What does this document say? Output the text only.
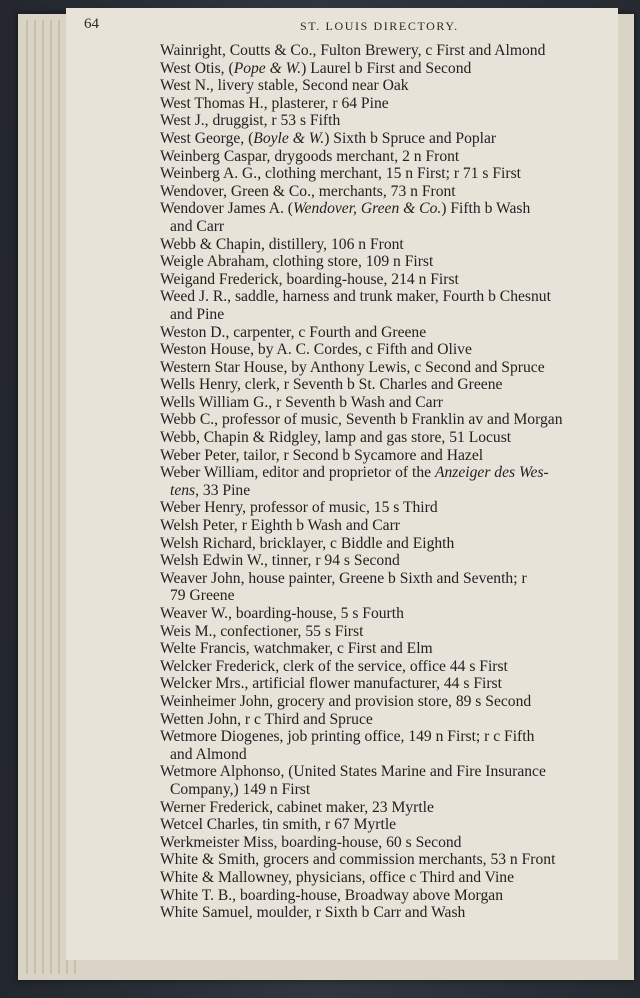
64	ST. LOUIS DIRECTORY.
Wainright, Coutts & Co., Fulton Brewery, c First and Almond
West Otis, (Pope & W.) Laurel b First and Second
West N., livery stable, Second near Oak
West Thomas H., plasterer, r 64 Pine
West J., druggist, r 53 s Fifth
West George, (Boyle & W.) Sixth b Spruce and Poplar
Weinberg Caspar, drygoods merchant, 2 n Front
Weinberg A. G., clothing merchant, 15 n First; r 71 s First
Wendover, Green & Co., merchants, 73 n Front
Wendover James A. (Wendover, Green & Co.) Fifth b Wash
and Carr
Webb & Chapin, distillery, 106 n Front
Weigle Abraham, clothing store, 109 n First
Weigand Frederick, boarding-house, 214 n First
Weed J. R., saddle, harness and trunk maker, Fourth b Chesnut
and Pine
Weston D., carpenter, c Fourth and Greene
Weston House, by A. C. Cordes, c Fifth and Olive
Western Star House, by Anthony Lewis, c Second and Spruce
Wells Henry, clerk, r Seventh b St. Charles and Greene
Wells William G., r Seventh b Wash and Carr
Webb C., professor of music, Seventh b Franklin av and Morgan
Webb, Chapin & Ridgley, lamp and gas store, 51 Locust
Weber Peter, tailor, r Second b Sycamore and Hazel
Weber William, editor and proprietor of the Anzeiger des Wes-
tens, 33 Pine
Weber Henry, professor of music, 15 s Third
Welsh Peter, r Eighth b Wash and Carr
Welsh Richard, bricklayer, c Biddle and Eighth
Welsh Edwin W., tinner, r 94 s Second
Weaver John, house painter, Greene b Sixth and Seventh; r
79 Greene
Weaver W., boarding-house, 5 s Fourth
Weis M., confectioner, 55 s First
Welte Francis, watchmaker, c First and Elm
Welcker Frederick, clerk of the service, office 44 s First
Welcker Mrs., artificial flower manufacturer, 44 s First
Weinheimer John, grocery and provision store, 89 s Second
Wetten John, r c Third and Spruce
Wetmore Diogenes, job printing office, 149 n First; r c Fifth
and Almond
Wetmore Alphonso, (United States Marine and Fire Insurance
Company,) 149 n First
Werner Frederick, cabinet maker, 23 Myrtle
Wetcel Charles, tin smith, r 67 Myrtle
Werkmeister Miss, boarding-house, 60 s Second
White & Smith, grocers and commission merchants, 53 n Front
White & Mallowney, physicians, office c Third and Vine
White T. B., boarding-house, Broadway above Morgan
White Samuel, moulder, r Sixth b Carr and Wash
